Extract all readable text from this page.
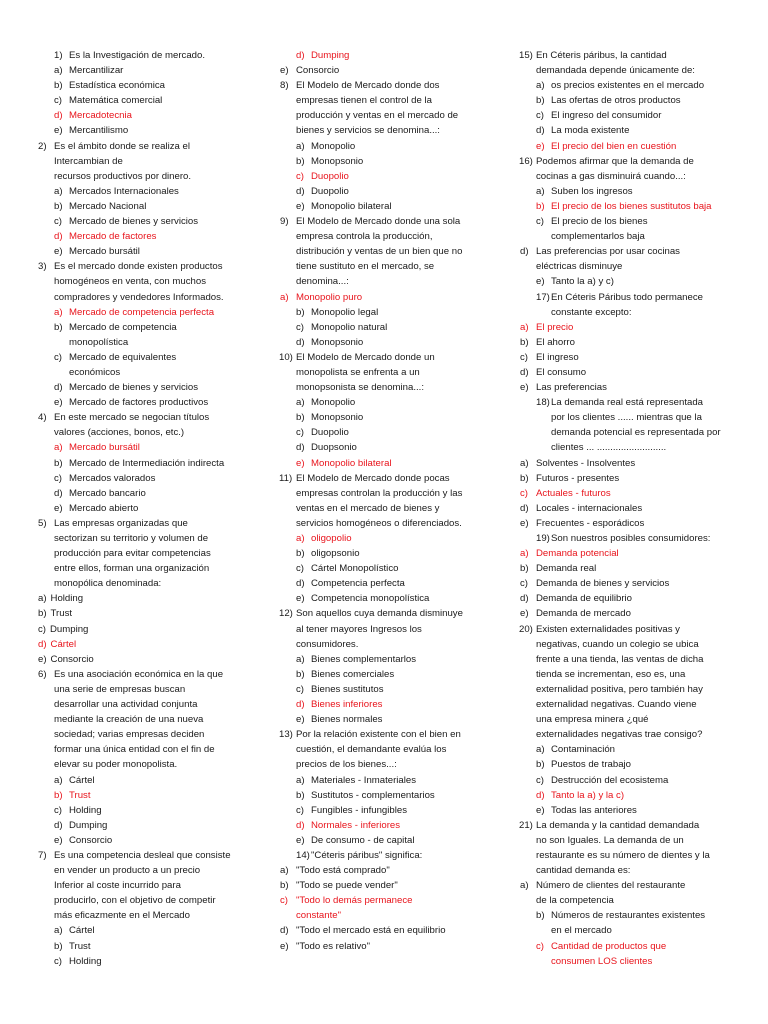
1) Es la Investigación de mercado.
a) Mercantilizar
b) Estadística económica
c) Matemática comercial
d) Mercadotecnia
e) Mercantilismo
2) Es el ámbito donde se realiza el
Intercambian de
recursos productivos por dinero.
a) Mercados Internacionales
b) Mercado Nacional
c) Mercado de bienes y servicios
d) Mercado de factores
e) Mercado bursátil
3) Es el mercado donde existen productos
homogéneos en venta, con muchos
compradores y vendedores Informados.
a) Mercado de competencia perfecta
b) Mercado de competencia
monopolística
c) Mercado de equivalentes
económicos
d) Mercado de bienes y servicios
e) Mercado de factores productivos
4) En este mercado se negocian títulos
valores (acciones, bonos, etc.)
a) Mercado bursátil
b) Mercado de Intermediación indirecta
c) Mercados valorados
d) Mercado bancario
e) Mercado abierto
5) Las empresas organizadas que
sectorizan su territorio y volumen de
producción para evitar competencias
entre ellos, forman una organización
monopólica denominada:
a) Holding
b) Trust
c) Dumping
d) Cártel
e) Consorcio
6) Es una asociación económica en la que
una serie de empresas buscan
desarrollar una actividad conjunta
mediante la creación de una nueva
sociedad; varias empresas deciden
formar una única entidad con el fin de
elevar su poder monopolista.
a) Cártel
b) Trust
c) Holding
d) Dumping
e) Consorcio
7) Es una competencia desleal que consiste
en vender un producto a un precio
Inferior al coste incurrido para
producirlo, con el objetivo de competir
más eficazmente en el Mercado
a) Cártel
b) Trust
c) Holding
d) Dumping
e) Consorcio
8) El Modelo de Mercado donde dos
empresas tienen el control de la
producción y ventas en el mercado de
bienes y servicios se denomina...:
a) Monopolio
b) Monopsonio
c) Duopolio
d) Duopolio
e) Monopolio bilateral
9) El Modelo de Mercado donde una sola
empresa controla la producción,
distribución y ventas de un bien que no
tiene sustituto en el mercado, se
denomina...:
a) Monopolio puro
b) Monopolio legal
c) Monopolio natural
d) Monopsonio
10) El Modelo de Mercado donde un
monopolista se enfrenta a un
monopsonista se denomina...:
a) Monopolio
b) Monopsonio
c) Duopolio
d) Duopsonio
e) Monopolio bilateral
11) El Modelo de Mercado donde pocas
empresas controlan la producción y las
ventas en el mercado de bienes y
servicios homogéneos o diferenciados.
a) oligopolio
b) oligopsonio
c) Cártel Monopolístico
d) Competencia perfecta
e) Competencia monopolística
12) Son aquellos cuya demanda disminuye
al tener mayores Ingresos los
consumidores.
a) Bienes complementarlos
b) Bienes comerciales
c) Bienes sustitutos
d) Bienes inferiores
e) Bienes normales
13) Por la relación existente con el bien en
cuestión, el demandante evalúa los
precios de los bienes...:
a) Materiales - Inmateriales
b) Sustitutos - complementarios
c) Fungibles - infungibles
d) Normales - inferiores
e) De consumo - de capital
14) "Céteris páribus" significa:
a) "Todo está comprado"
b) "Todo se puede vender"
c) "Todo lo demás permanece
constante"
d) "Todo el mercado está en equilibrio
e) "Todo es relativo"
15) En Céteris páribus, la cantidad
demandada depende únicamente de:
a) os precios existentes en el mercado
b) Las ofertas de otros productos
c) El ingreso del consumidor
d) La moda existente
e) El precio del bien en cuestión
16) Podemos afirmar que la demanda de
cocinas a gas disminuirá cuando...:
a) Suben los ingresos
b) El precio de los bienes sustitutos baja
c) El precio de los bienes
complementarlos baja
d) Las preferencias por usar cocinas
eléctricas disminuye
e) Tanto la a) y c)
17) En Céteris Páribus todo permanece
constante excepto:
a) El precio
b) El ahorro
c) El ingreso
d) El consumo
e) Las preferencias
18) La demanda real está representada
por los clientes ...... mientras que la
demanda potencial es representada por
clientes ... ..........................
a) Solventes - Insolventes
b) Futuros - presentes
c) Actuales - futuros
d) Locales - internacionales
e) Frecuentes - esporádicos
19) Son nuestros posibles consumidores:
a) Demanda potencial
b) Demanda real
c) Demanda de bienes y servicios
d) Demanda de equilibrio
e) Demanda de mercado
20) Existen externalidades positivas y
negativas, cuando un colegio se ubica
frente a una tienda, las ventas de dicha
tienda se incrementan, eso es, una
externalidad positiva, pero también hay
externalidad negativas. Cuando viene
una empresa minera ¿qué
externalidades negativas trae consigo?
a) Contaminación
b) Puestos de trabajo
c) Destrucción del ecosistema
d) Tanto la a) y la c)
e) Todas las anteriores
21) La demanda y la cantidad demandada
no son Iguales. La demanda de un
restaurante es su número de dientes y la
cantidad demanda es:
a) Número de clientes del restaurante
de la competencia
b) Números de restaurantes existentes
en el mercado
c) Cantidad de productos que
consumen LOS clientes
